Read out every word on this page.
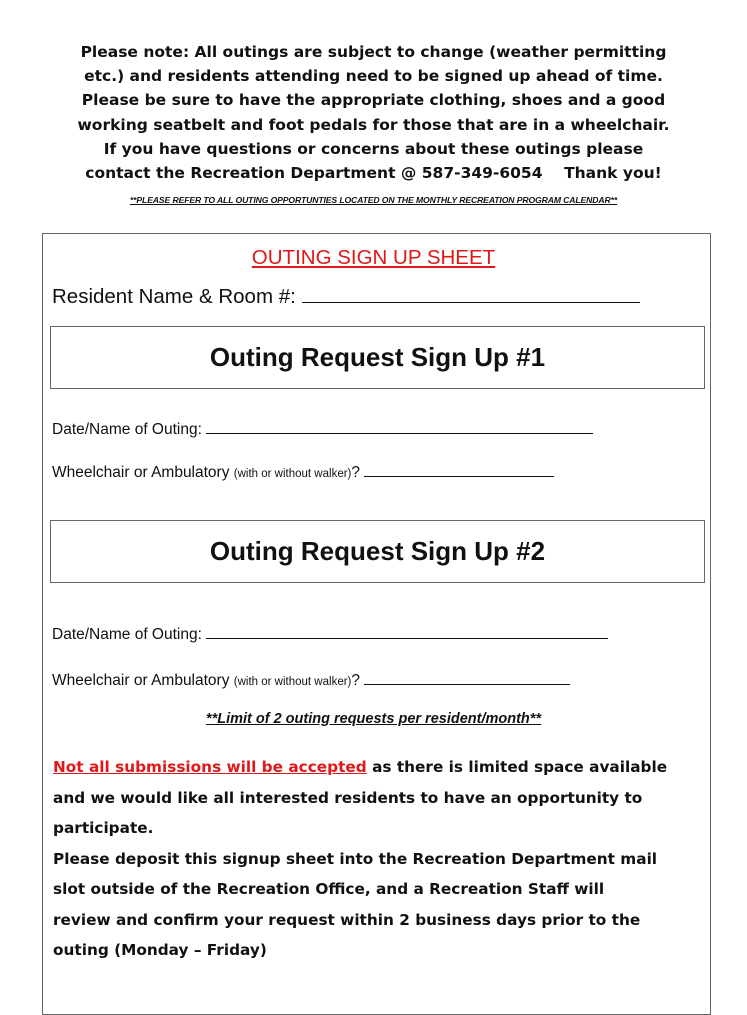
Please note: All outings are subject to change (weather permitting
etc.) and residents attending need to be signed up ahead of time.
Please be sure to have the appropriate clothing, shoes and a good
working seatbelt and foot pedals for those that are in a wheelchair.
If you have questions or concerns about these outings please
contact the Recreation Department @ 587-349-6054    Thank you!
**PLEASE REFER TO ALL OUTING OPPORTUNTIES LOCATED ON THE MONTHLY RECREATION PROGRAM CALENDAR**
OUTING SIGN UP SHEET
Resident Name & Room #:
Outing Request Sign Up #1
Date/Name of Outing:
Wheelchair or Ambulatory (with or without walker)?
Outing Request Sign Up #2
Date/Name of Outing:
Wheelchair or Ambulatory (with or without walker)?
**Limit of 2 outing requests per resident/month**
Not all submissions will be accepted as there is limited space available
and we would like all interested residents to have an opportunity to
participate.
Please deposit this signup sheet into the Recreation Department mail
slot outside of the Recreation Office, and a Recreation Staff will
review and confirm your request within 2 business days prior to the
outing (Monday – Friday)
